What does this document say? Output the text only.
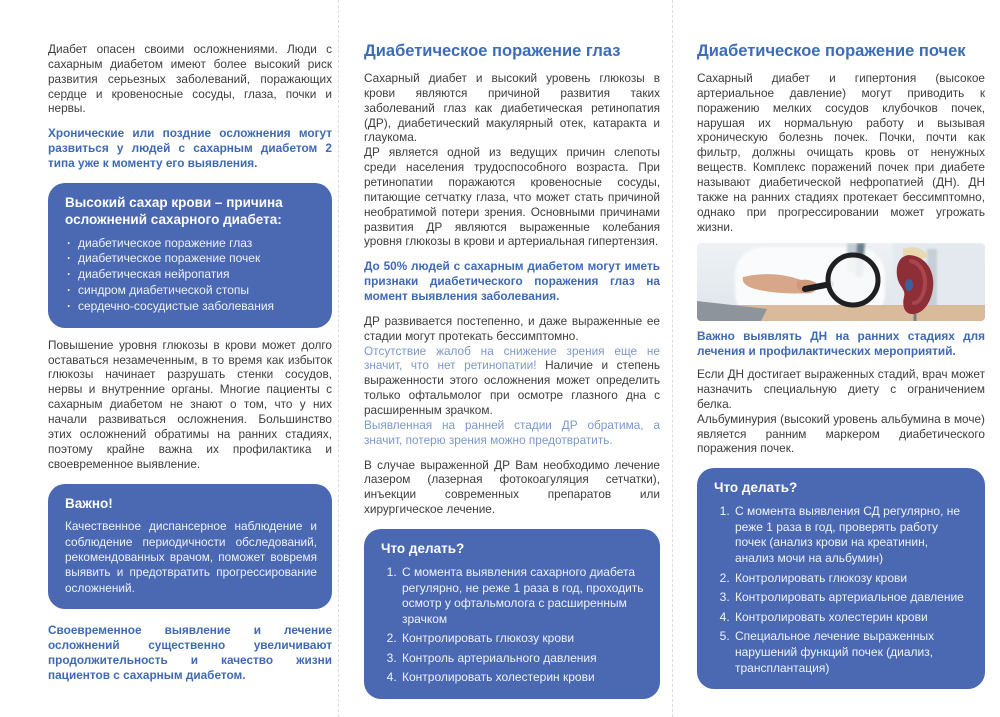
Диабет опасен своими осложнениями. Люди с сахарным диабетом имеют более высокий риск развития серьезных заболеваний, поражающих сердце и кровеносные сосуды, глаза, почки и нервы.

Хронические или поздние осложнения могут развиться у людей с сахарным диабетом 2 типа уже к моменту его выявления.

Высокий сахар крови – причина осложнений сахарного диабета:
· диабетическое поражение глаз
· диабетическое поражение почек
· диабетическая нейропатия
· синдром диабетической стопы
· сердечно-сосудистые заболевания

Повышение уровня глюкозы в крови может долго оставаться незамеченным, в то время как избыток глюкозы начинает разрушать стенки сосудов, нервы и внутренние органы. Многие пациенты с сахарным диабетом не знают о том, что у них начали развиваться осложнения. Большинство этих осложнений обратимы на ранних стадиях, поэтому крайне важна их профилактика и своевременное выявление.

Важно!

Качественное диспансерное наблюдение и соблюдение периодичности обследований, рекомендованных врачом, поможет вовремя выявить и предотвратить прогрессирование осложнений.

Своевременное выявление и лечение осложнений существенно увеличивают продолжительность и качество жизни пациентов с сахарным диабетом.

Диабетическое поражение глаз

Сахарный диабет и высокий уровень глюкозы в крови являются причиной развития таких заболеваний глаз как диабетическая ретинопатия (ДР), диабетический макулярный отек, катаракта и глаукома.

ДР является одной из ведущих причин слепоты среди населения трудоспособного возраста. При ретинопатии поражаются кровеносные сосуды, питающие сетчатку глаза, что может стать причиной необратимой потери зрения. Основными причинами развития ДР являются выраженные колебания уровня глюкозы в крови и артериальная гипертензия.

До 50% людей с сахарным диабетом могут иметь признаки диабетического поражения глаз на момент выявления заболевания.

ДР развивается постепенно, и даже выраженные ее стадии могут протекать бессимптомно.

Отсутствие жалоб на снижение зрения еще не значит, что нет ретинопатии! Наличие и степень выраженности этого осложнения может определить только офтальмолог при осмотре глазного дна с расширенным зрачком.

Выявленная на ранней стадии ДР обратима, а значит, потерю зрения можно предотвратить.

В случае выраженной ДР Вам необходимо лечение лазером (лазерная фотокоагуляция сетчатки), инъекции современных препаратов или хирургическое лечение.

Что делать?
1. С момента выявления сахарного диабета регулярно, не реже 1 раза в год, проходить осмотр у офтальмолога с расширенным зрачком
2. Контролировать глюкозу крови
3. Контроль артериального давления
4. Контролировать холестерин крови
Диабетическое поражение почек

Сахарный диабет и гипертония (высокое артериальное давление) могут приводить к поражению мелких сосудов клубочков почек, нарушая их нормальную работу и вызывая хроническую болезнь почек. Почки, почти как фильтр, должны очищать кровь от ненужных веществ. Комплекс поражений почек при диабете называют диабетической нефропатией (ДН). ДН также на ранних стадиях протекает бессимптомно, однако при прогрессировании может угрожать жизни.

Важно выявлять ДН на ранних стадиях для лечения и профилактических мероприятий.

Если ДН достигает выраженных стадий, врач может назначить специальную диету с ограничением белка.

Альбуминурия (высокий уровень альбумина в моче) является ранним маркером диабетического поражения почек.

Что делать?
1. С момента выявления СД регулярно, не реже 1 раза в год, проверять работу почек (анализ крови на креатинин, анализ мочи на альбумин)
2. Контролировать глюкозу крови
3. Контролировать артериальное давление
4. Контролировать холестерин крови
5. Специальное лечение выраженных нарушений функций почек (диализ, трансплантация)
